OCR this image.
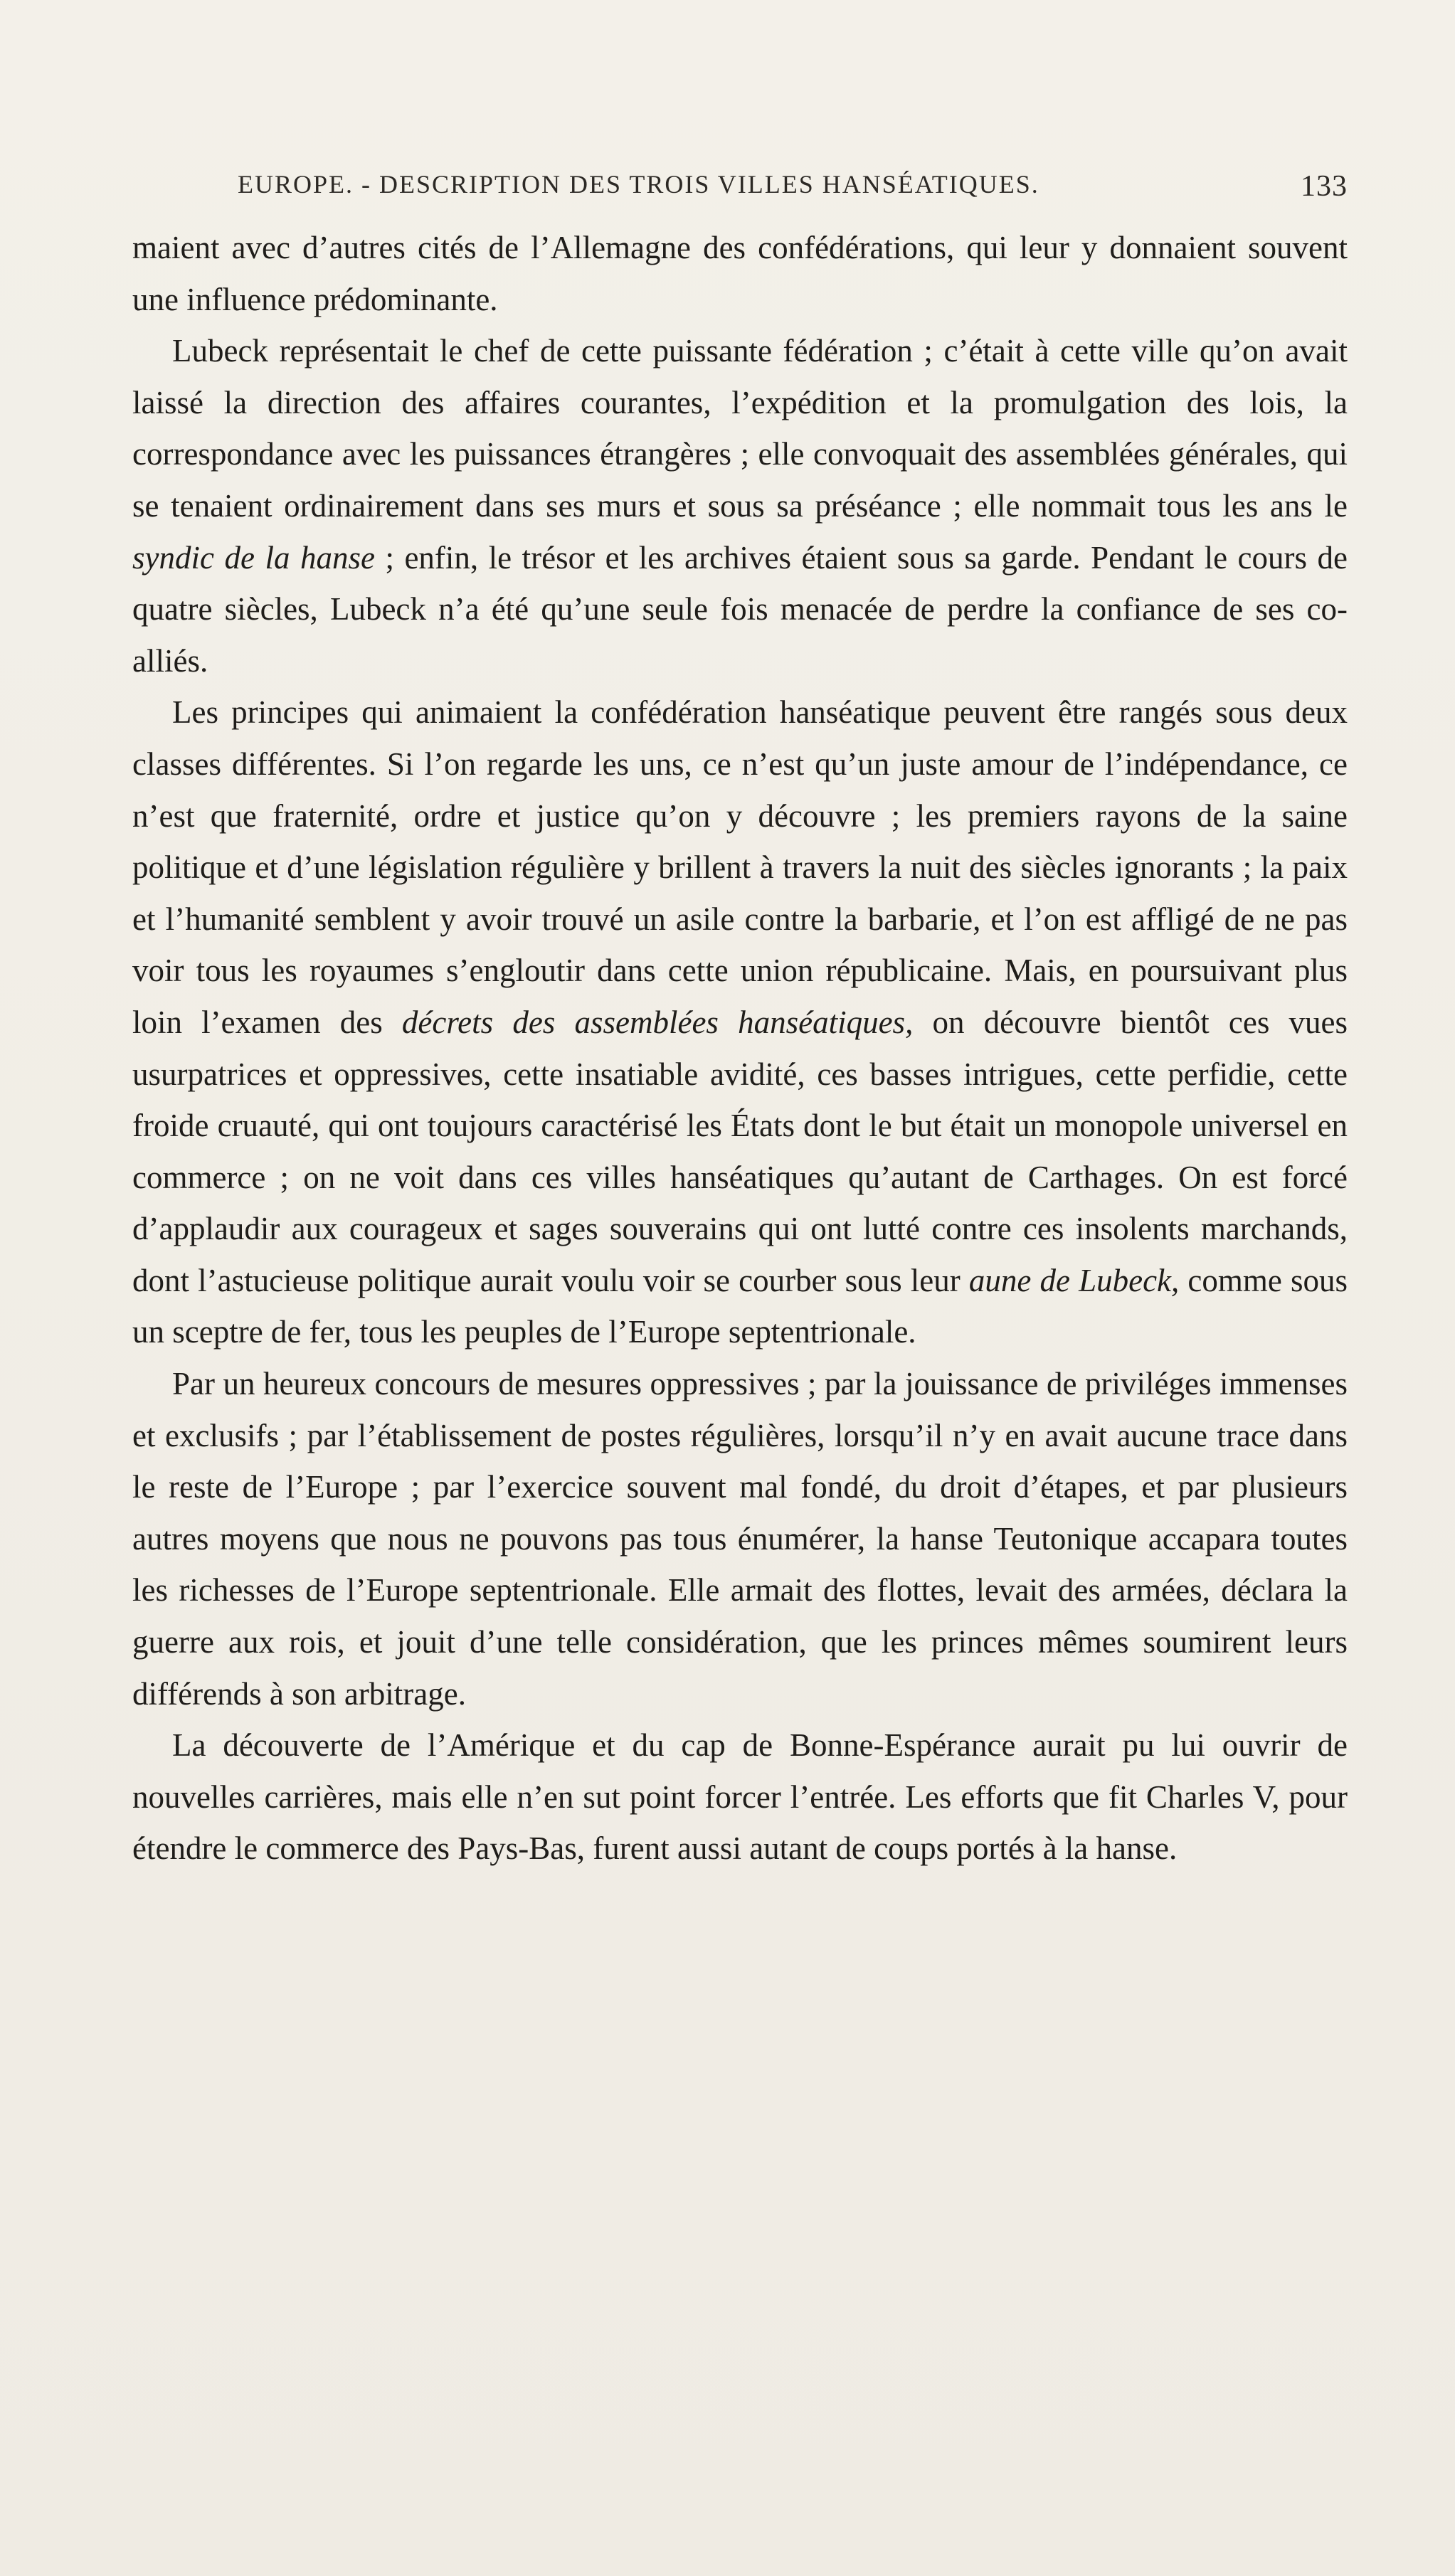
EUROPE. - DESCRIPTION DES TROIS VILLES HANSÉATIQUES.	133

maient avec d’autres cités de l’Allemagne des confédérations, qui leur y donnaient souvent une influence prédominante.

Lubeck représentait le chef de cette puissante fédération ; c’était à cette ville qu’on avait laissé la direction des affaires courantes, l’expédition et la promulgation des lois, la correspondance avec les puissances étrangères ; elle convoquait des assemblées générales, qui se tenaient ordinairement dans ses murs et sous sa préséance ; elle nommait tous les ans le syndic de la hanse ; enfin, le trésor et les archives étaient sous sa garde. Pendant le cours de quatre siècles, Lubeck n’a été qu’une seule fois menacée de perdre la confiance de ses co-alliés.

Les principes qui animaient la confédération hanséatique peuvent être rangés sous deux classes différentes. Si l’on regarde les uns, ce n’est qu’un juste amour de l’indépendance, ce n’est que fraternité, ordre et justice qu’on y découvre ; les premiers rayons de la saine politique et d’une législation régulière y brillent à travers la nuit des siècles ignorants ; la paix et l’humanité semblent y avoir trouvé un asile contre la barbarie, et l’on est affligé de ne pas voir tous les royaumes s’engloutir dans cette union républicaine. Mais, en poursuivant plus loin l’examen des décrets des assemblées hanséatiques, on découvre bientôt ces vues usurpatrices et oppressives, cette insatiable avidité, ces basses intrigues, cette perfidie, cette froide cruauté, qui ont toujours caractérisé les États dont le but était un monopole universel en commerce ; on ne voit dans ces villes hanséatiques qu’autant de Carthages. On est forcé d’applaudir aux courageux et sages souverains qui ont lutté contre ces insolents marchands, dont l’astucieuse politique aurait voulu voir se courber sous leur aune de Lubeck, comme sous un sceptre de fer, tous les peuples de l’Europe septentrionale.

Par un heureux concours de mesures oppressives ; par la jouissance de priviléges immenses et exclusifs ; par l’établissement de postes régulières, lorsqu’il n’y en avait aucune trace dans le reste de l’Europe ; par l’exercice souvent mal fondé, du droit d’étapes, et par plusieurs autres moyens que nous ne pouvons pas tous énumérer, la hanse Teutonique accapara toutes les richesses de l’Europe septentrionale. Elle armait des flottes, levait des armées, déclara la guerre aux rois, et jouit d’une telle considération, que les princes mêmes soumirent leurs différends à son arbitrage.

La découverte de l’Amérique et du cap de Bonne-Espérance aurait pu lui ouvrir de nouvelles carrières, mais elle n’en sut point forcer l’entrée. Les efforts que fit Charles V, pour étendre le commerce des Pays-Bas, furent aussi autant de coups portés à la hanse.
